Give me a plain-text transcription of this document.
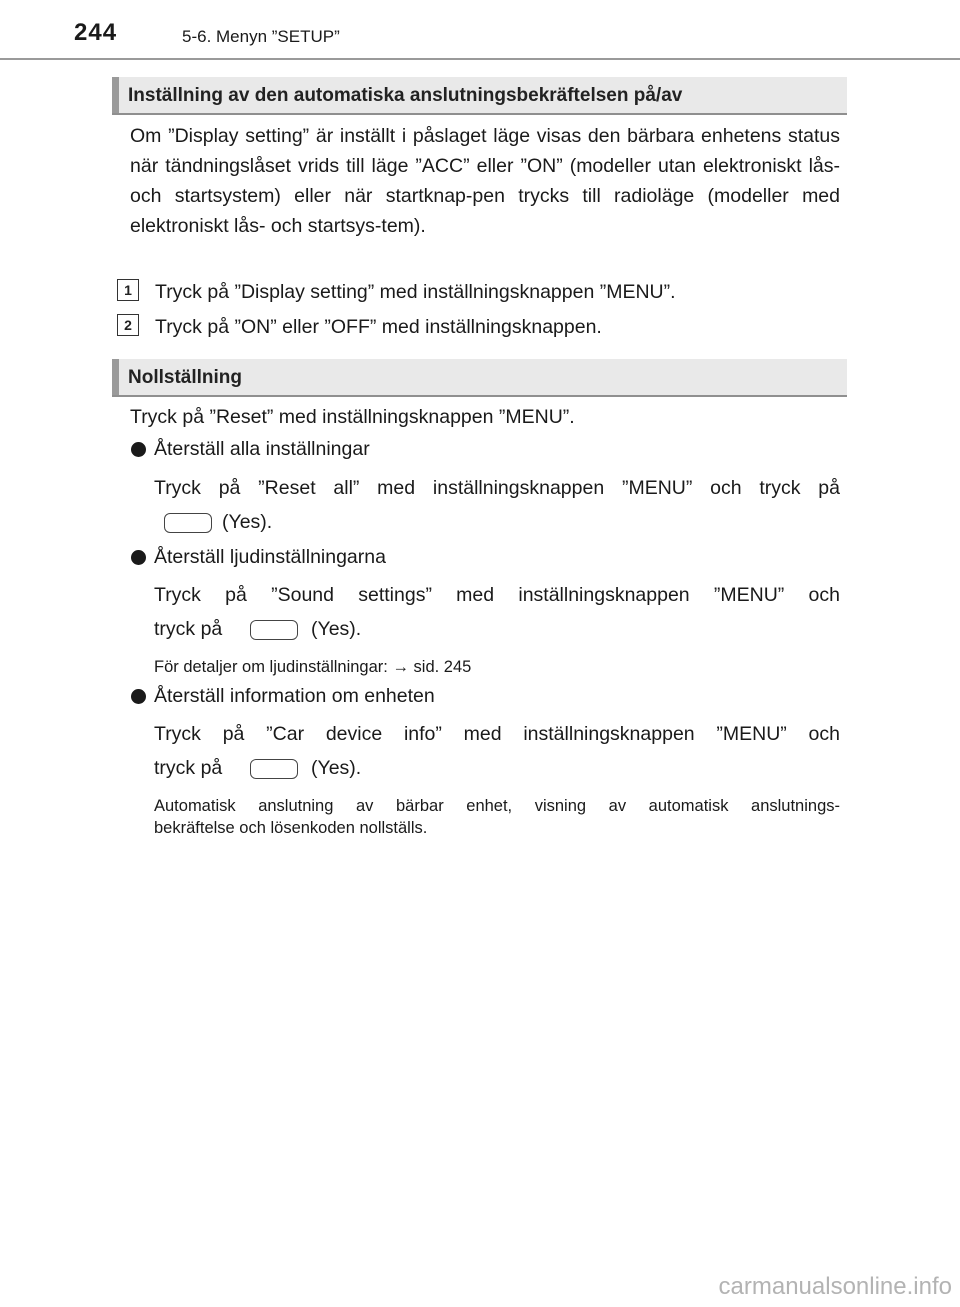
244	5-6. Menyn ”SETUP”
Inställning av den automatiska anslutningsbekräftelsen på/av
Om ”Display setting” är inställt i påslaget läge visas den bärbara enhetens status när tändningslåset vrids till läge ”ACC” eller ”ON” (modeller utan elektroniskt lås- och startsystem) eller när startknap-pen trycks till radioläge (modeller med elektroniskt lås- och startsys-tem).
1	Tryck på ”Display setting” med inställningsknappen ”MENU”.
2	Tryck på ”ON” eller ”OFF” med inställningsknappen.
Nollställning
Tryck på ”Reset” med inställningsknappen ”MENU”.
Återställ alla inställningar
Tryck på ”Reset all” med inställningsknappen ”MENU” och tryck på
(Yes).
Återställ ljudinställningarna
Tryck på ”Sound settings” med inställningsknappen ”MENU” och
tryck på	(Yes).
För detaljer om ljudinställningar: → sid. 245
Återställ information om enheten
Tryck på ”Car device info” med inställningsknappen ”MENU” och
tryck på	(Yes).
Automatisk anslutning av bärbar enhet, visning av automatisk anslutnings-
bekräftelse och lösenkoden nollställs.
carmanualsonline.info
